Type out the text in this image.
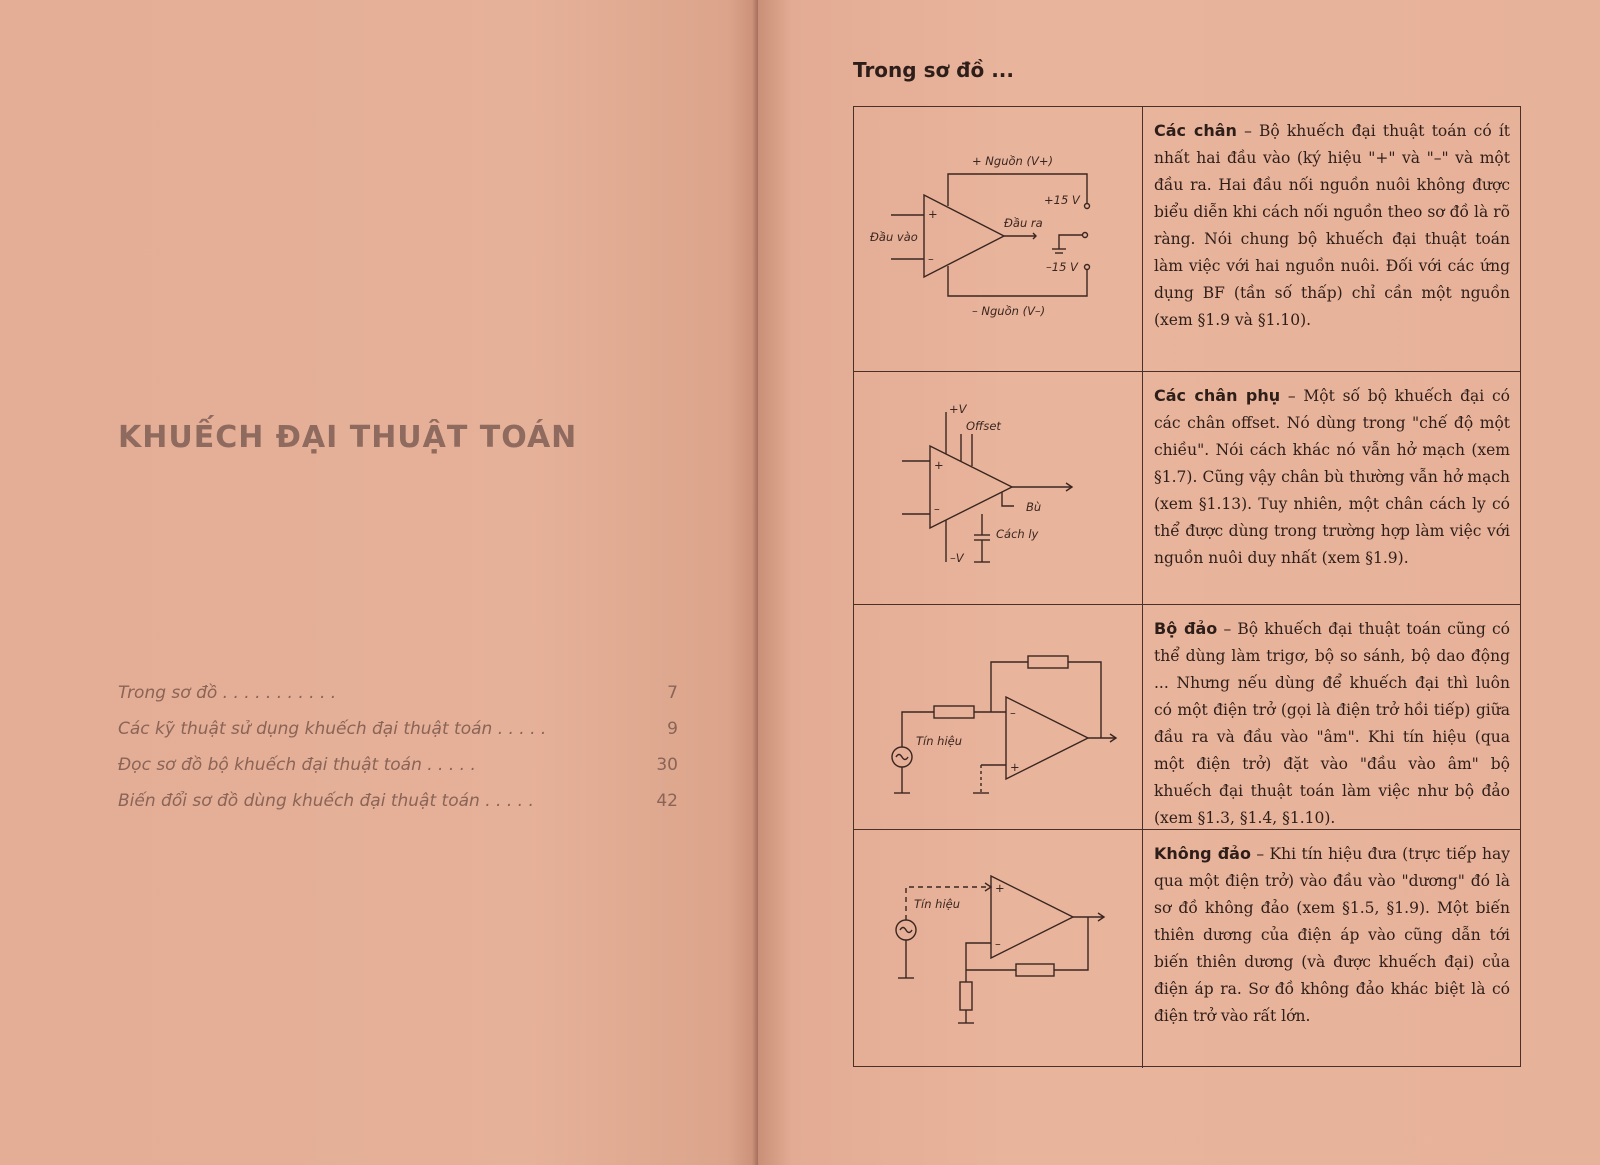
KHUẾCH ĐẠI THUẬT TOÁN
Trong sơ đồ . . . . . . . . . . .	7
Các kỹ thuật sử dụng khuếch đại thuật toán . . . . .	9
Đọc sơ đồ bộ khuếch đại thuật toán . . . . .	30
Biến đổi sơ đồ dùng khuếch đại thuật toán . . . . .	42
Trong sơ đồ ...
+ Nguồn (V+)
+15 V
Đầu ra
Đầu vào
–15 V
– Nguồn (V–)
+
–
Các chân – Bộ khuếch đại thuật toán có ít nhất hai đầu vào (ký hiệu "+" và "–" và một đầu ra. Hai đầu nối nguồn nuôi không được biểu diễn khi cách nối nguồn theo sơ đồ là rõ ràng. Nói chung bộ khuếch đại thuật toán làm việc với hai nguồn nuôi. Đối với các ứng dụng BF (tần số thấp) chỉ cần một nguồn (xem §1.9 và §1.10).
+V
Offset
Bù
Cách ly
–V
+
–
Các chân phụ – Một số bộ khuếch đại có các chân offset. Nó dùng trong "chế độ một chiều". Nói cách khác nó vẫn hở mạch (xem §1.7). Cũng vậy chân bù thường vẫn hở mạch (xem §1.13). Tuy nhiên, một chân cách ly có thể được dùng trong trường hợp làm việc với nguồn nuôi duy nhất (xem §1.9).
Tín hiệu
+
–
Bộ đảo – Bộ khuếch đại thuật toán cũng có thể dùng làm trigơ, bộ so sánh, bộ dao động ... Nhưng nếu dùng để khuếch đại thì luôn có một điện trở (gọi là điện trở hồi tiếp) giữa đầu ra và đầu vào "âm". Khi tín hiệu (qua một điện trở) đặt vào "đầu vào âm" bộ khuếch đại thuật toán làm việc như bộ đảo (xem §1.3, §1.4, §1.10).
Tín hiệu
+
–
Không đảo – Khi tín hiệu đưa (trực tiếp hay qua một điện trở) vào đầu vào "dương" đó là sơ đồ không đảo (xem §1.5, §1.9). Một biến thiên dương của điện áp vào cũng dẫn tới biến thiên dương (và được khuếch đại) của điện áp ra. Sơ đồ không đảo khác biệt là có điện trở vào rất lớn.
